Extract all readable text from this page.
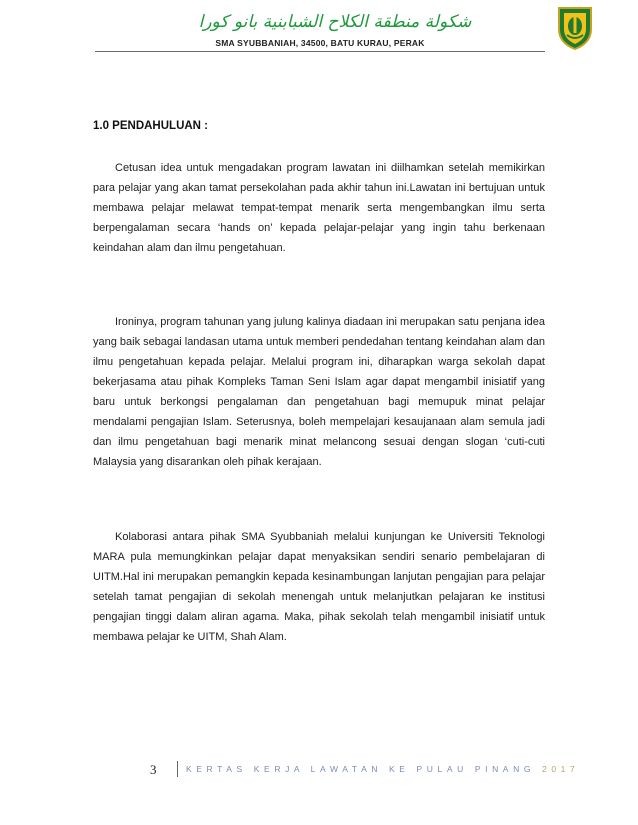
شكولة منطقة الكلاح الشبابنية بانو كورا
SMA SYUBBANIAH, 34500, BATU KURAU, PERAK
1.0 PENDAHULUAN :

Cetusan idea untuk mengadakan program lawatan ini diilhamkan setelah memikirkan para pelajar yang akan tamat persekolahan pada akhir tahun ini.Lawatan ini bertujuan untuk membawa pelajar melawat tempat-tempat menarik serta mengembangkan ilmu serta berpengalaman secara ‘hands on’ kepada pelajar-pelajar yang ingin tahu berkenaan keindahan alam dan ilmu pengetahuan.

Ironinya, program tahunan yang julung kalinya diadaan ini merupakan satu penjana idea yang baik sebagai landasan utama untuk memberi pendedahan tentang keindahan alam dan ilmu pengetahuan kepada pelajar. Melalui program ini, diharapkan warga sekolah dapat bekerjasama atau pihak Kompleks Taman Seni Islam agar dapat mengambil inisiatif yang baru untuk berkongsi pengalaman dan pengetahuan bagi memupuk minat pelajar mendalami pengajian Islam. Seterusnya, boleh mempelajari kesaujanaan alam semula jadi dan ilmu pengetahuan bagi menarik minat melancong sesuai dengan slogan ‘cuti-cuti Malaysia yang disarankan oleh pihak kerajaan.

Kolaborasi antara pihak SMA Syubbaniah melalui kunjungan ke Universiti Teknologi MARA pula memungkinkan pelajar dapat menyaksikan sendiri senario pembelajaran di UITM.Hal ini merupakan pemangkin kepada kesinambungan lanjutan pengajian para pelajar setelah tamat pengajian di sekolah menengah untuk melanjutkan pelajaran ke institusi pengajian tinggi dalam aliran agama. Maka, pihak sekolah telah mengambil inisiatif untuk membawa pelajar ke UITM, Shah Alam.

3	KERTAS KERJA LAWATAN KE PULAU PINANG 2017
